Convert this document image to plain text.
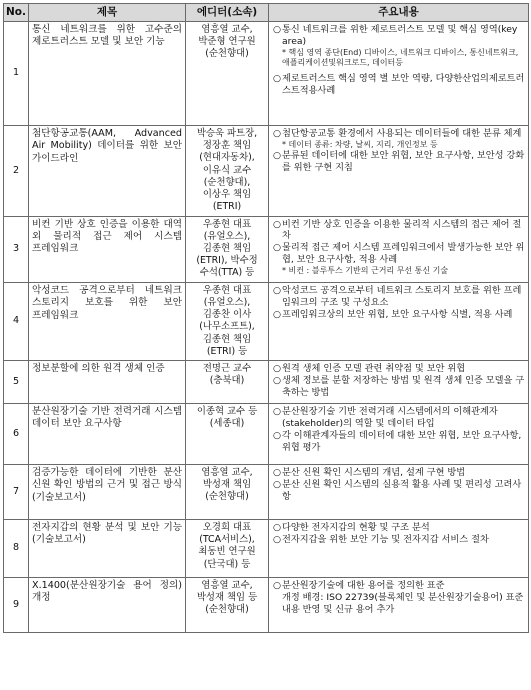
No.	제목	에디터(소속)	주요내용
1	통신 네트워크를 위한 고수준의 제로트러스트 모델 및 보안 기능	염흥열 교수, 박준형 연구원(순천향대)	○ 통신 네트워크를 위한 제로트러스트 모델 및 핵심 영역(key area)
* 핵심 영역 종단(End) 디바이스, 네트워크 디바이스, 통신네트워크, 애플리케이션및워크로드, 데이터등
○ 제로트러스트 핵심 영역 별 보안 역량, 다양한산업의제로트러스트적용사례

2	첨단항공교통(AAM, Advanced Air Mobility) 데이터를 위한 보안 가이드라인	박승욱 파트장, 정장훈 책임(현대자동차), 이유식 교수(순천향대), 이상우 책임(ETRI)	○ 첨단항공교통 환경에서 사용되는 데이터들에 대한 분류 체계
* 데이터 종류: 차량, 날씨, 지리, 개인정보 등
○ 분류된 데이터에 대한 보안 위협, 보안 요구사항, 보안성 강화를 위한 구현 지침

3	비컨 기반 상호 인증을 이용한 대역 외 물리적 접근 제어 시스템 프레임워크	우종현 대표(유얼오스), 김종현 책임(ETRI), 박수정 수석(TTA) 등	○ 비컨 기반 상호 인증을 이용한 물리적 시스템의 접근 제어 절차
○ 물리적 접근 제어 시스템 프레임워크에서 발생가능한 보안 위협, 보안 요구사항, 적용 사례
* 비컨 : 블루투스 기반의 근거리 무선 통신 기술

4	악성코드 공격으로부터 네트워크 스토리지 보호를 위한 보안 프레임워크	우종현 대표(유얼오스), 김종찬 이사 (나무소프트), 김종현 책임(ETRI) 등	○ 악성코드 공격으로부터 네트워크 스토리지 보호를 위한 프레임워크의 구조 및 구성요소
○ 프레임워크상의 보안 위협, 보안 요구사항 식별, 적용 사례

5	정보분할에 의한 원격 생체 인증	전명근 교수(충북대)	○ 원격 생체 인증 모델 관련 취약점 및 보안 위협
○ 생체 정보를 분할 저장하는 방법 및 원격 생체 인증 모델을 구축하는 방법

6	분산원장기술 기반 전력거래 시스템 데이터 보안 요구사항	이종혁 교수 등(세종대)	○ 분산원장기술 기반 전력거래 시스템에서의 이해관계자(stakeholder)의 역할 및 데이터 타입
○ 각 이해관계자들의 데이터에 대한 보안 위협, 보안 요구사항, 위협 평가

7	검증가능한 데이터에 기반한 분산 신원 확인 방법의 근거 및 접근 방식(기술보고서)	염흥열 교수, 박성재 책임(순천향대)	○ 분산 신원 확인 시스템의 개념, 설계 구현 방법
○ 분산 신원 확인 시스템의 실용적 활용 사례 및 편리성 고려사항

8	전자지갑의 현황 분석 및 보안 기능(기술보고서)	오경희 대표(TCA서비스), 최동빈 연구원(단국대) 등	○ 다양한 전자지갑의 현황 및 구조 분석
○ 전자지갑을 위한 보안 기능 및 전자지갑 서비스 절차

9	X.1400(분산원장기술 용어 정의) 개정	염흥열 교수, 박성재 책임 등(순천향대)	○ 분산원장기술에 대한 용어를 정의한 표준
개정 배경: ISO 22739(블록체인 및 분산원장기술용어) 표준 내용 반영 및 신규 용어 추가
